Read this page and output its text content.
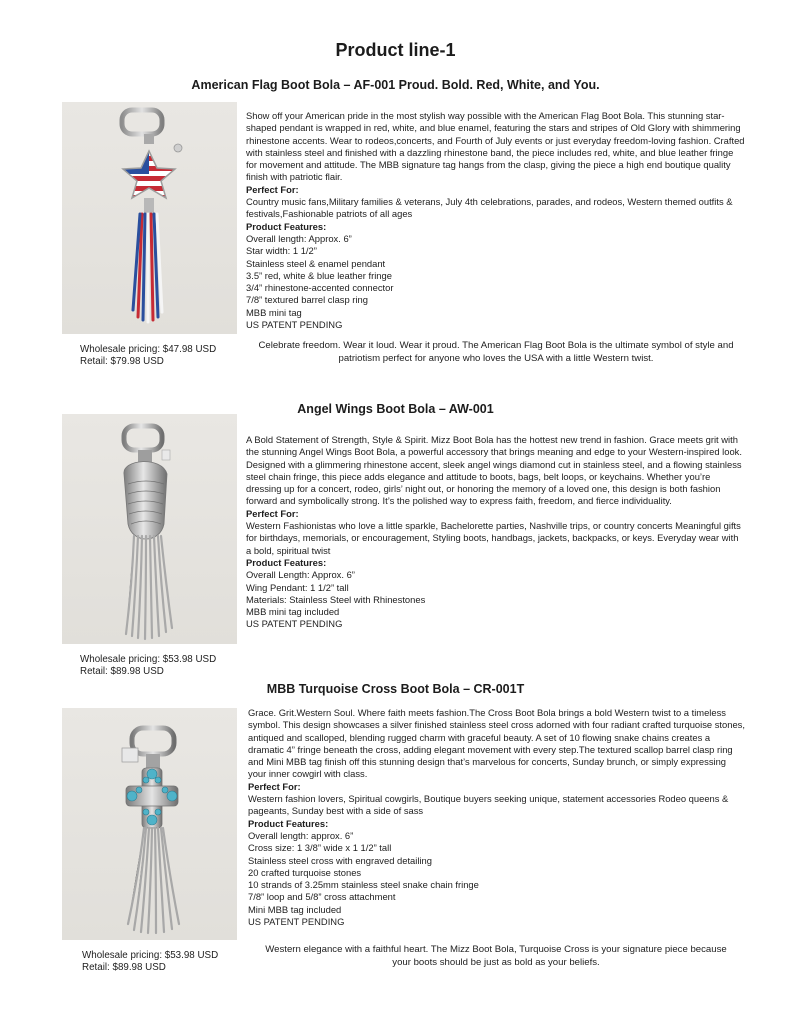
Product line-1
American Flag Boot Bola – AF-001 Proud. Bold. Red, White, and You.

Show off your American pride in the most stylish way possible with the American Flag Boot Bola. This stunning star-shaped pendant is wrapped in red, white, and blue enamel, featuring the stars and stripes of Old Glory with shimmering rhinestone accents. Wear to rodeos,concerts, and Fourth of July events or just everyday freedom-loving fashion. Crafted with stainless steel and finished with a dazzling rhinestone band, the piece includes red, white, and blue leather fringe for movement and attitude. The MBB signature tag hangs from the clasp, giving the piece a high end boutique quality finish with patriotic flair.

Perfect For:

Country music fans,Military families & veterans, July 4th celebrations, parades, and rodeos, Western themed outfits & festivals,Fashionable patriots of all ages

Product Features:

Overall length: Approx. 6”

Star width: 1 1/2”

Stainless steel & enamel pendant

3.5” red, white & blue leather fringe

3/4” rhinestone-accented connector

7/8” textured barrel clasp ring

MBB mini tag

US PATENT PENDING

Wholesale pricing: $47.98 USD
Retail: $79.98 USD
Celebrate freedom. Wear it loud. Wear it proud. The American Flag Boot Bola is the ultimate symbol of style and patriotism perfect for anyone who loves the USA with a little Western twist.
Angel Wings Boot Bola – AW-001

A Bold Statement of Strength, Style & Spirit. Mizz Boot Bola has the hottest new trend in fashion. Grace meets grit with the stunning Angel Wings Boot Bola, a powerful accessory that brings meaning and edge to your Western-inspired look. Designed with a glimmering rhinestone accent, sleek angel wings diamond cut in stainless steel, and a flowing stainless steel chain fringe, this piece adds elegance and attitude to boots, bags, belt loops, or keychains. Whether you’re dressing up for a concert, rodeo, girls’ night out, or honoring the memory of a loved one, this design is both fashion forward and symbolically strong. It’s the polished way to express faith, freedom, and fierce individuality.

Perfect For:

Western Fashionistas who love a little sparkle, Bachelorette parties, Nashville trips, or country concerts Meaningful gifts for birthdays, memorials, or encouragement, Styling boots, handbags, jackets, backpacks, or keys. Everyday wear with a bold, spiritual twist

Product Features:

Overall Length: Approx. 6”

Wing Pendant: 1 1/2” tall

Materials: Stainless Steel with Rhinestones

MBB mini tag included

US PATENT PENDING

Wholesale pricing: $53.98 USD
Retail: $89.98 USD
MBB Turquoise Cross Boot Bola – CR-001T

Grace. Grit.Western Soul. Where faith meets fashion.The Cross Boot Bola brings a bold Western twist to a timeless symbol. This design showcases a silver finished stainless steel cross adorned with four radiant crafted turquoise stones, antiqued and scalloped, blending rugged charm with graceful beauty. A set of 10 flowing snake chains creates a dramatic 4” fringe beneath the cross, adding elegant movement with every step.The textured scallop barrel clasp ring and Mini MBB tag finish off this stunning design that’s marvelous for concerts, Sunday brunch, or simply expressing your inner cowgirl with class.

Perfect For:

Western fashion lovers, Spiritual cowgirls, Boutique buyers seeking unique, statement accessories Rodeo queens & pageants, Sunday best with a side of sass

Product Features:

Overall length: approx. 6”

Cross size: 1 3/8” wide x 1 1/2” tall

Stainless steel cross with engraved detailing

20 crafted turquoise stones

10 strands of 3.25mm stainless steel snake chain fringe

7/8” loop and 5/8” cross attachment

Mini MBB tag included

US PATENT PENDING

Wholesale pricing: $53.98 USD
Retail: $89.98 USD
Western elegance with a faithful heart. The Mizz Boot Bola, Turquoise Cross is your signature piece because your boots should be just as bold as your beliefs.
